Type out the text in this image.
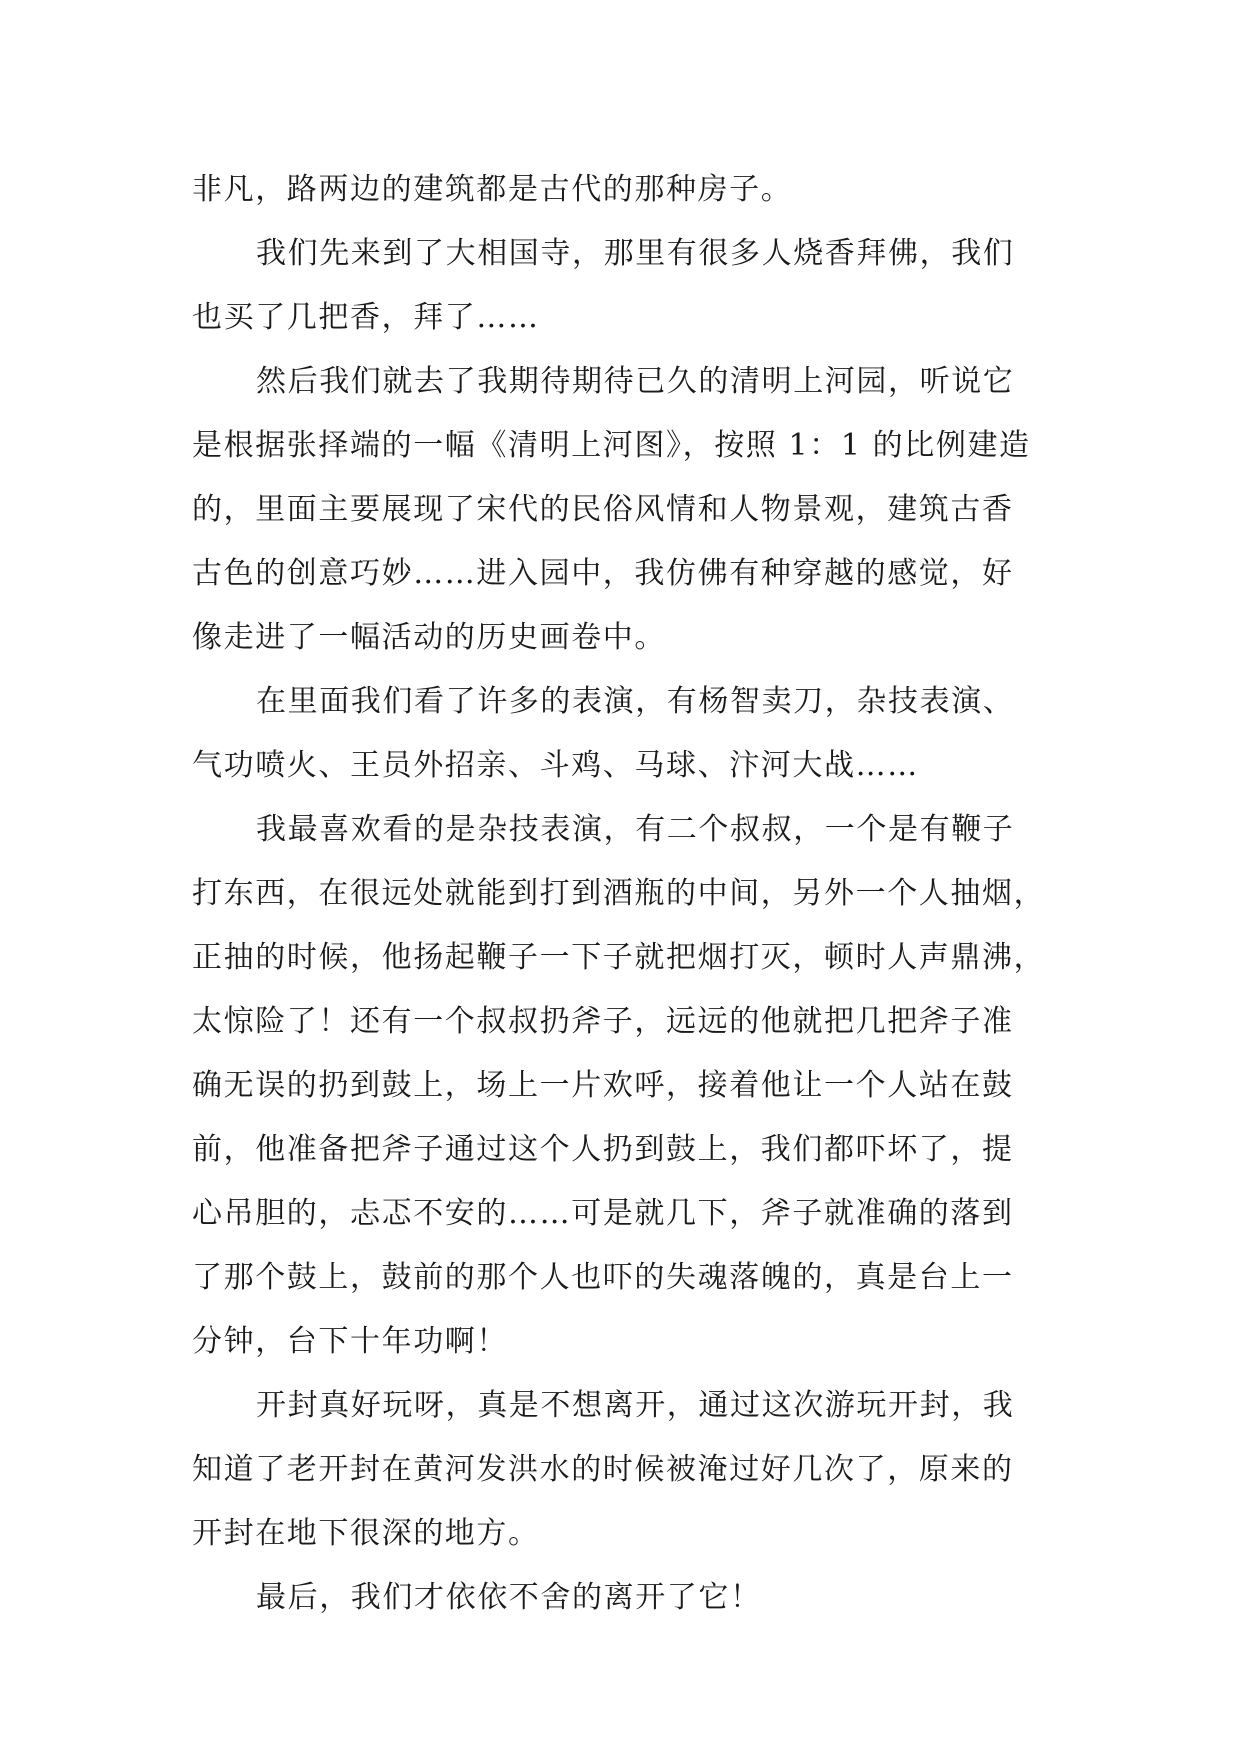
非凡，路两边的建筑都是古代的那种房子。
我们先来到了大相国寺，那里有很多人烧香拜佛，我们
也买了几把香，拜了……
然后我们就去了我期待期待已久的清明上河园，听说它
是根据张择端的一幅《清明上河图》，按照 1：1 的比例建造
的，里面主要展现了宋代的民俗风情和人物景观，建筑古香
古色的创意巧妙……进入园中，我仿佛有种穿越的感觉，好
像走进了一幅活动的历史画卷中。
在里面我们看了许多的表演，有杨智卖刀，杂技表演、
气功喷火、王员外招亲、斗鸡、马球、汴河大战……
我最喜欢看的是杂技表演，有二个叔叔，一个是有鞭子
打东西，在很远处就能到打到酒瓶的中间，另外一个人抽烟，
正抽的时候，他扬起鞭子一下子就把烟打灭，顿时人声鼎沸，
太惊险了！还有一个叔叔扔斧子，远远的他就把几把斧子准
确无误的扔到鼓上，场上一片欢呼，接着他让一个人站在鼓
前，他准备把斧子通过这个人扔到鼓上，我们都吓坏了，提
心吊胆的，忐忑不安的……可是就几下，斧子就准确的落到
了那个鼓上，鼓前的那个人也吓的失魂落魄的，真是台上一
分钟，台下十年功啊！
开封真好玩呀，真是不想离开，通过这次游玩开封，我
知道了老开封在黄河发洪水的时候被淹过好几次了，原来的
开封在地下很深的地方。
最后，我们才依依不舍的离开了它！
